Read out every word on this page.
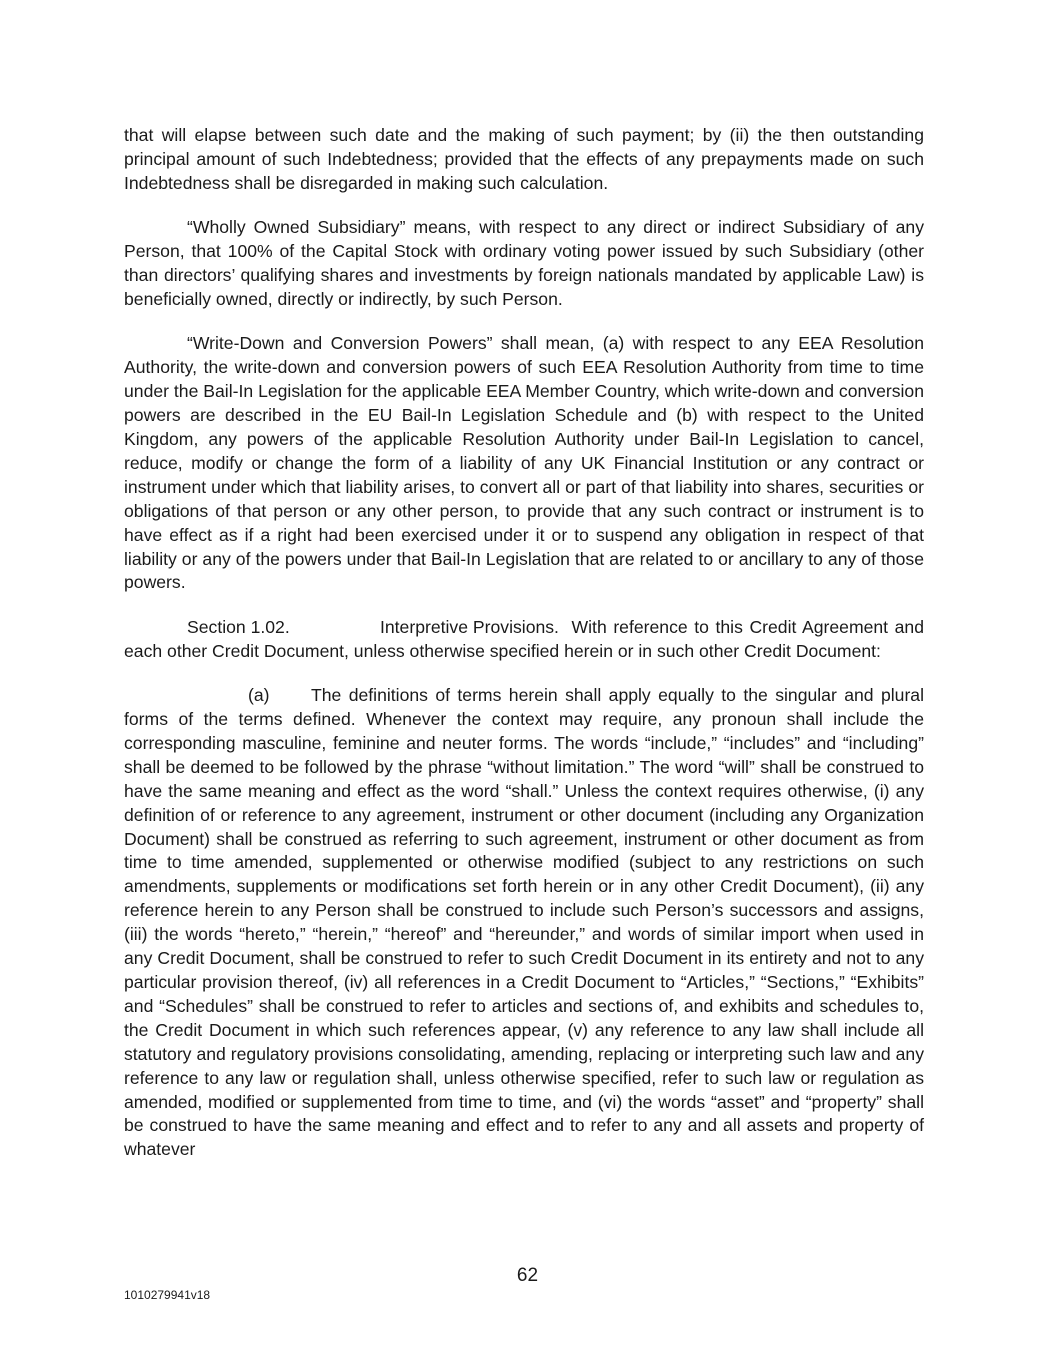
that will elapse between such date and the making of such payment; by (ii) the then outstanding principal amount of such Indebtedness; provided that the effects of any prepayments made on such Indebtedness shall be disregarded in making such calculation.

“Wholly Owned Subsidiary” means, with respect to any direct or indirect Subsidiary of any Person, that 100% of the Capital Stock with ordinary voting power issued by such Subsidiary (other than directors’ qualifying shares and investments by foreign nationals mandated by applicable Law) is beneficially owned, directly or indirectly, by such Person.

“Write-Down and Conversion Powers” shall mean, (a) with respect to any EEA Resolution Authority, the write-down and conversion powers of such EEA Resolution Authority from time to time under the Bail-In Legislation for the applicable EEA Member Country, which write-down and conversion powers are described in the EU Bail-In Legislation Schedule and (b) with respect to the United Kingdom, any powers of the applicable Resolution Authority under Bail-In Legislation to cancel, reduce, modify or change the form of a liability of any UK Financial Institution or any contract or instrument under which that liability arises, to convert all or part of that liability into shares, securities or obligations of that person or any other person, to provide that any such contract or instrument is to have effect as if a right had been exercised under it or to suspend any obligation in respect of that liability or any of the powers under that Bail-In Legislation that are related to or ancillary to any of those powers.

Section 1.02.	Interpretive Provisions. With reference to this Credit Agreement and each other Credit Document, unless otherwise specified herein or in such other Credit Document:

(a) The definitions of terms herein shall apply equally to the singular and plural forms of the terms defined. Whenever the context may require, any pronoun shall include the corresponding masculine, feminine and neuter forms. The words “include,” “includes” and “including” shall be deemed to be followed by the phrase “without limitation.” The word “will” shall be construed to have the same meaning and effect as the word “shall.” Unless the context requires otherwise, (i) any definition of or reference to any agreement, instrument or other document (including any Organization Document) shall be construed as referring to such agreement, instrument or other document as from time to time amended, supplemented or otherwise modified (subject to any restrictions on such amendments, supplements or modifications set forth herein or in any other Credit Document), (ii) any reference herein to any Person shall be construed to include such Person’s successors and assigns, (iii) the words “hereto,” “herein,” “hereof” and “hereunder,” and words of similar import when used in any Credit Document, shall be construed to refer to such Credit Document in its entirety and not to any particular provision thereof, (iv) all references in a Credit Document to “Articles,” “Sections,” “Exhibits” and “Schedules” shall be construed to refer to articles and sections of, and exhibits and schedules to, the Credit Document in which such references appear, (v) any reference to any law shall include all statutory and regulatory provisions consolidating, amending, replacing or interpreting such law and any reference to any law or regulation shall, unless otherwise specified, refer to such law or regulation as amended, modified or supplemented from time to time, and (vi) the words “asset” and “property” shall be construed to have the same meaning and effect and to refer to any and all assets and property of whatever

62
1010279941v18
